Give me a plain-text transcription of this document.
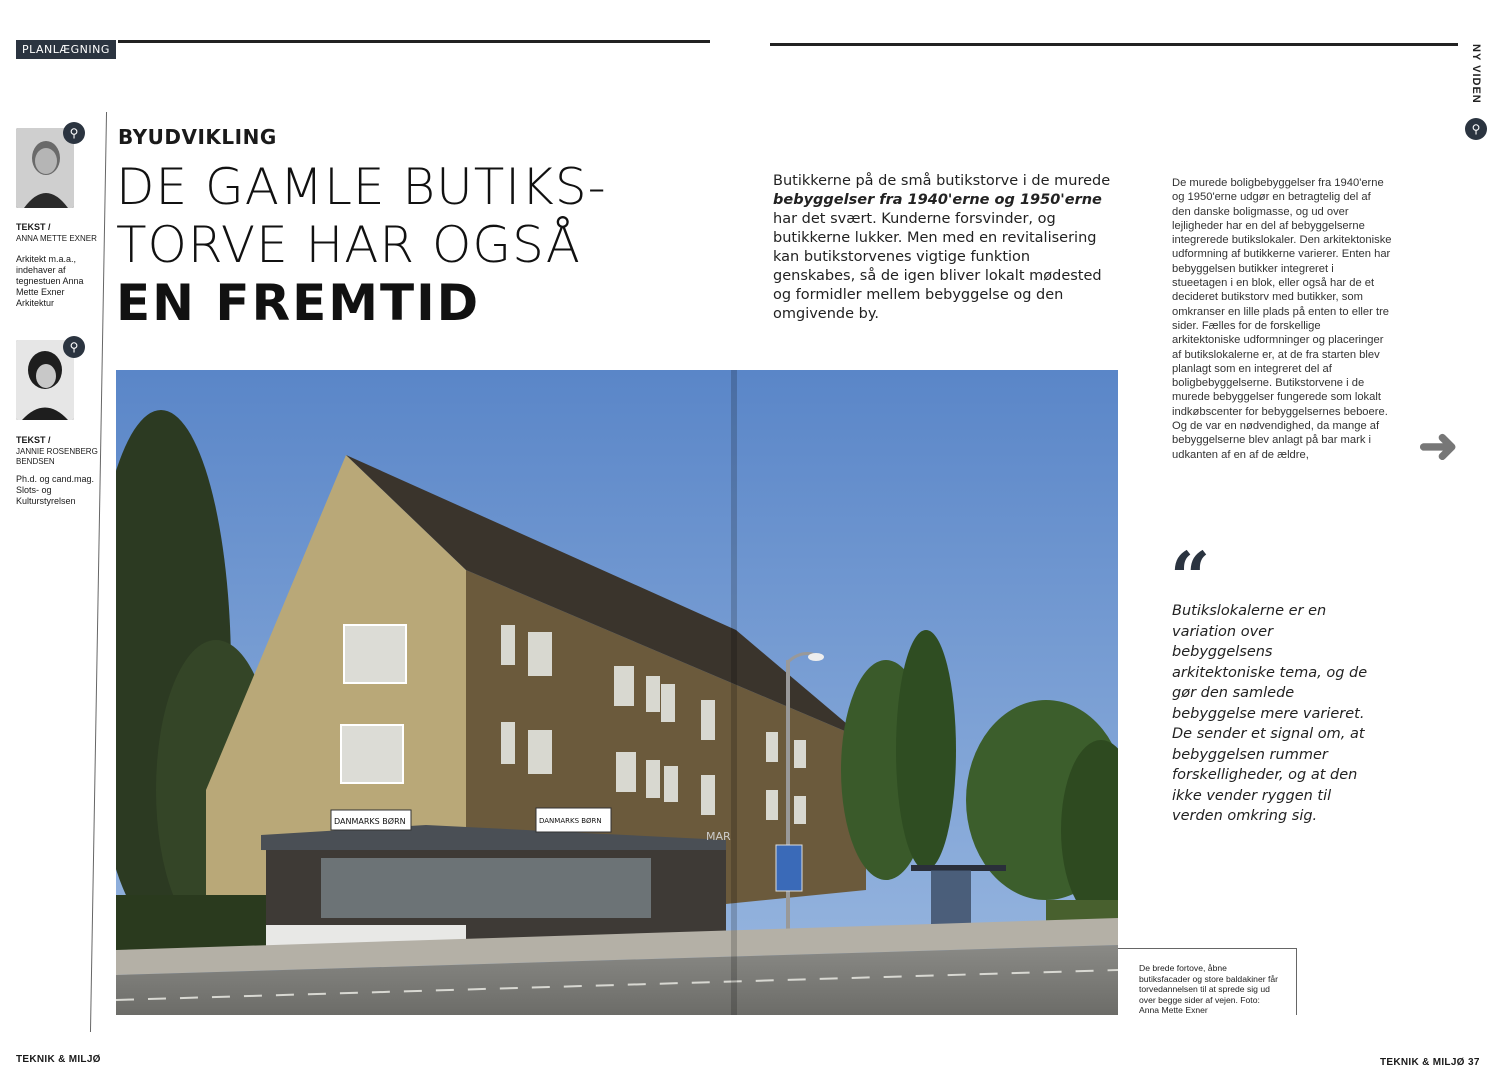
PLANLÆGNING	NY VIDEN
⚲
⚲
TEKST /
ANNA METTE EXNER
Arkitekt m.a.a., indehaver af tegnestuen Anna Mette Exner Arkitektur
⚲
TEKST /
JANNIE ROSENBERG BENDSEN
Ph.d. og cand.mag. Slots- og Kulturstyrelsen
BYUDVIKLING
DE GAMLE BUTIKS-
TORVE HAR OGSÅ
EN FREMTID
Butikkerne på de små butikstorve i de murede bebyggelser fra 1940'erne og 1950'erne har det svært. Kunderne forsvinder, og butikkerne lukker. Men med en revitalisering kan butikstorvenes vigtige funktion genskabes, så de igen bliver lokalt mødested og formidler mellem bebyggelse og den omgivende by.
De murede boligbebyggelser fra 1940'erne og 1950'erne udgør en betragtelig del af den danske boligmasse, og ud over lejligheder har en del af bebyggelserne integrerede butikslokaler. Den arkitektoniske udformning af butikkerne varierer. Enten har bebyggelsen butikker integreret i stueetagen i en blok, eller også har de et decideret butikstorv med butikker, som omkranser en lille plads på enten to eller tre sider. Fælles for de forskellige arkitektoniske udformninger og placeringer af butikslokalerne er, at de fra starten blev planlagt som en integreret del af boligbebyggelserne. Butikstorvene i de murede bebyggelser fungerede som lokalt indkøbscenter for bebyggelsernes beboere. Og de var en nødvendighed, da mange af bebyggelserne blev anlagt på bar mark i udkanten af en af de ældre,	➜
“
Butikslokalerne er en variation over bebyggelsens arkitektoniske tema, og de gør den samlede bebyggelse mere varieret. De sender et signal om, at bebyggelsen rummer forskelligheder, og at den ikke vender ryggen til verden omkring sig.
DANMARKS BØRN	DANMARKS BØRN
MAR
De brede fortove, åbne butiksfacader og store baldakiner får torvedannelsen til at sprede sig ud over begge sider af vejen. Foto: Anna Mette Exner
TEKNIK & MILJØ	TEKNIK & MILJØ 37
